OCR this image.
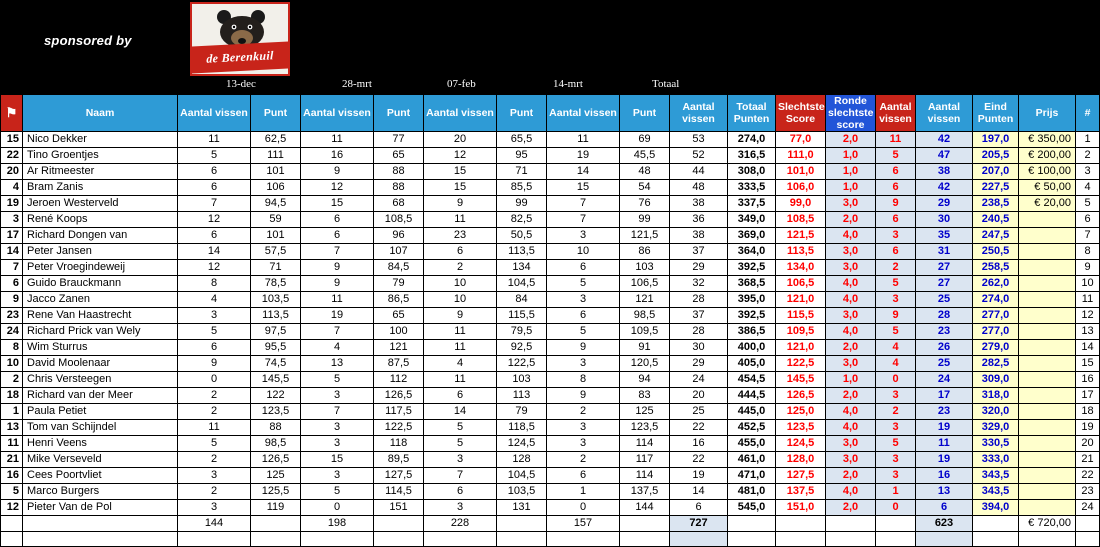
sponsored by
de Berenkuil
13-dec	28-mrt	07-feb	14-mrt	Totaal
⚑	Naam	Aantal vissen	Punt	Aantal vissen	Punt	Aantal vissen	Punt	Aantal vissen	Punt	Aantal vissen	Totaal Punten	Slechtste Score	Ronde slechtste score	Aantal vissen	Aantal vissen	Eind Punten	Prijs	#
15	Nico Dekker	11	62,5	11	77	20	65,5	11	69	53	274,0	77,0	2,0	11	42	197,0	€ 350,00	1
22	Tino Groentjes	5	111	16	65	12	95	19	45,5	52	316,5	111,0	1,0	5	47	205,5	€ 200,00	2
20	Ar Ritmeester	6	101	9	88	15	71	14	48	44	308,0	101,0	1,0	6	38	207,0	€ 100,00	3
4	Bram Zanis	6	106	12	88	15	85,5	15	54	48	333,5	106,0	1,0	6	42	227,5	€ 50,00	4
19	Jeroen Westerveld	7	94,5	15	68	9	99	7	76	38	337,5	99,0	3,0	9	29	238,5	€ 20,00	5
3	René Koops	12	59	6	108,5	11	82,5	7	99	36	349,0	108,5	2,0	6	30	240,5		6
17	Richard Dongen van	6	101	6	96	23	50,5	3	121,5	38	369,0	121,5	4,0	3	35	247,5		7
14	Peter Jansen	14	57,5	7	107	6	113,5	10	86	37	364,0	113,5	3,0	6	31	250,5		8
7	Peter Vroegindeweij	12	71	9	84,5	2	134	6	103	29	392,5	134,0	3,0	2	27	258,5		9
6	Guido Brauckmann	8	78,5	9	79	10	104,5	5	106,5	32	368,5	106,5	4,0	5	27	262,0		10
9	Jacco Zanen	4	103,5	11	86,5	10	84	3	121	28	395,0	121,0	4,0	3	25	274,0		11
23	Rene Van Haastrecht	3	113,5	19	65	9	115,5	6	98,5	37	392,5	115,5	3,0	9	28	277,0		12
24	Richard Prick van Wely	5	97,5	7	100	11	79,5	5	109,5	28	386,5	109,5	4,0	5	23	277,0		13
8	Wim Sturrus	6	95,5	4	121	11	92,5	9	91	30	400,0	121,0	2,0	4	26	279,0		14
10	David Moolenaar	9	74,5	13	87,5	4	122,5	3	120,5	29	405,0	122,5	3,0	4	25	282,5		15
2	Chris Versteegen	0	145,5	5	112	11	103	8	94	24	454,5	145,5	1,0	0	24	309,0		16
18	Richard van der Meer	2	122	3	126,5	6	113	9	83	20	444,5	126,5	2,0	3	17	318,0		17
1	Paula Petiet	2	123,5	7	117,5	14	79	2	125	25	445,0	125,0	4,0	2	23	320,0		18
13	Tom van Schijndel	11	88	3	122,5	5	118,5	3	123,5	22	452,5	123,5	4,0	3	19	329,0		19
11	Henri Veens	5	98,5	3	118	5	124,5	3	114	16	455,0	124,5	3,0	5	11	330,5		20
21	Mike Verseveld	2	126,5	15	89,5	3	128	2	117	22	461,0	128,0	3,0	3	19	333,0		21
16	Cees Poortvliet	3	125	3	127,5	7	104,5	6	114	19	471,0	127,5	2,0	3	16	343,5		22
5	Marco Burgers	2	125,5	5	114,5	6	103,5	1	137,5	14	481,0	137,5	4,0	1	13	343,5		23
12	Pieter Van de Pol	3	119	0	151	3	131	0	144	6	545,0	151,0	2,0	0	6	394,0		24
		144		198		228		157		727					623		€ 720,00	
